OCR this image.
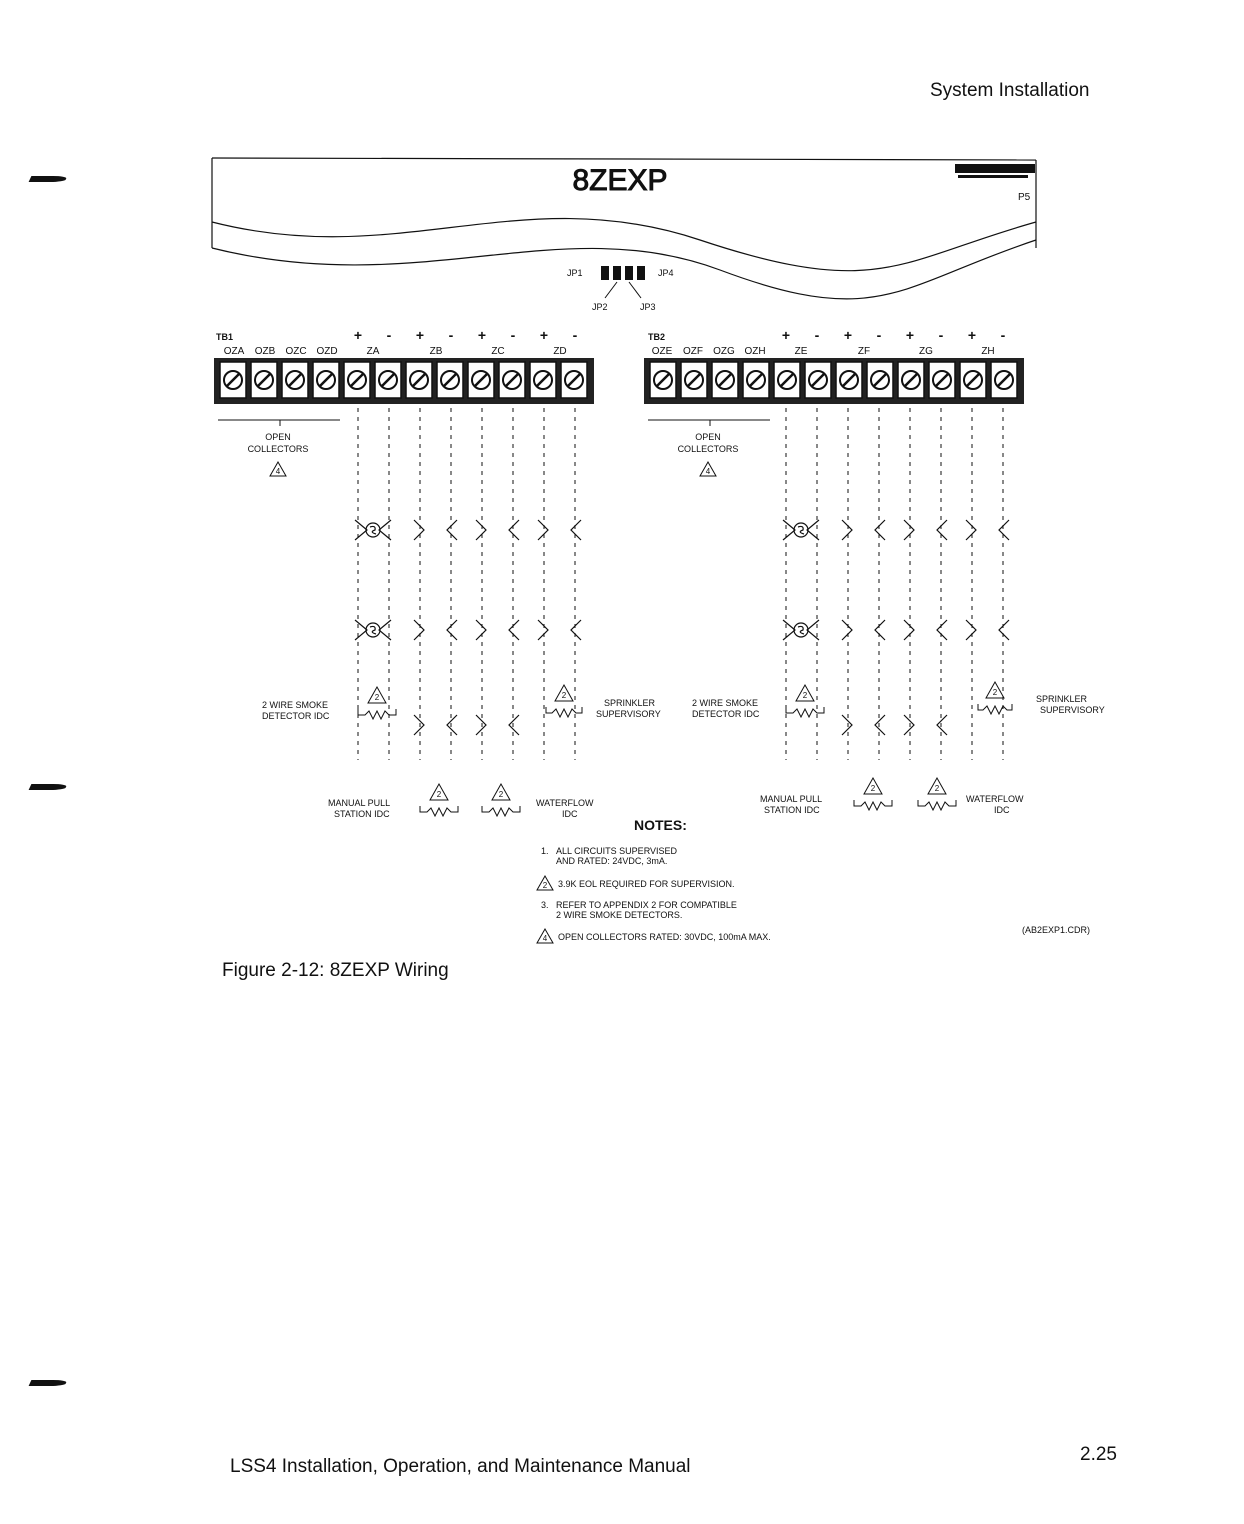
System Installation
8ZEXP
P5
JP1	JP4
JP2	JP3
TB1	TB2
OZA OZB OZC OZD	ZA	ZB	ZC	ZD	OZE OZF OZG OZH	ZE	ZF	ZG	ZH
+ - + - + - + -	+ - + - + - + -
OPEN
COLLECTORS
OPEN
COLLECTORS
4	4
2 WIRE SMOKE
DETECTOR IDC
SPRINKLER
SUPERVISORY
2 WIRE SMOKE
DETECTOR IDC
SPRINKLER
SUPERVISORY
MANUAL PULL
STATION IDC
WATERFLOW
IDC
MANUAL PULL
STATION IDC
WATERFLOW
IDC
NOTES:
1. ALL CIRCUITS SUPERVISED
AND RATED: 24VDC, 3mA.
3.9K EOL REQUIRED FOR SUPERVISION.
3. REFER TO APPENDIX 2 FOR COMPATIBLE
2 WIRE SMOKE DETECTORS.
OPEN COLLECTORS RATED: 30VDC, 100mA MAX.
(AB2EXP1.CDR)
2
4
2	2	2	2
2	2
2	2
Figure 2-12: 8ZEXP Wiring
LSS4 Installation, Operation, and Maintenance Manual
2.25
